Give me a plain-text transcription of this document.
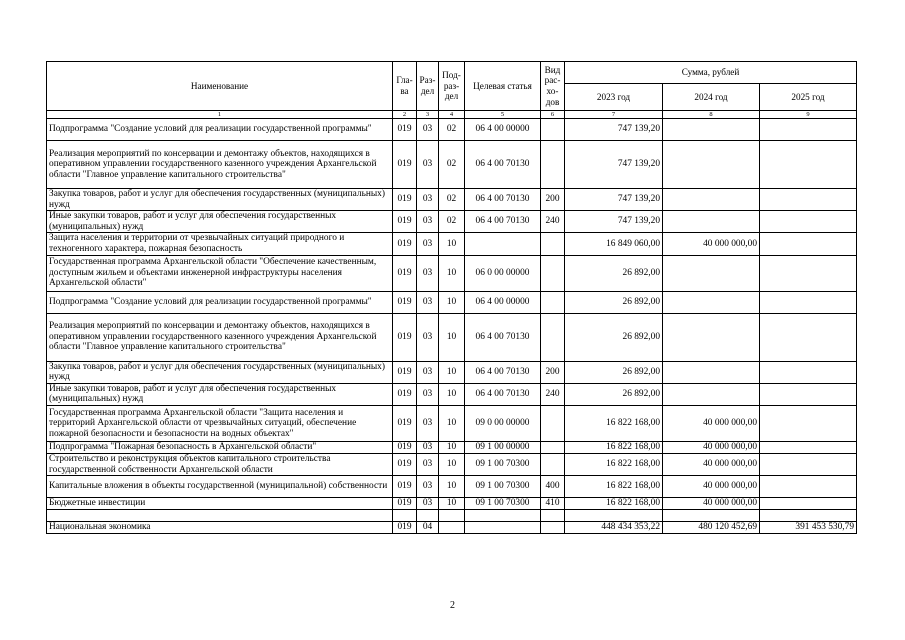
Наименование	Гла-ва	Раз-дел	Под-раз-дел	Целевая статья	Вид рас-хо-дов	Сумма, рублей		
						2023 год	2024 год	2025 год
1	2	3	4	5	6	7	8	9
Подпрограмма "Создание условий для реализации государственной программы"	019	03	02	06 4 00 00000		747 139,20		
Реализация мероприятий по консервации и демонтажу объектов, находящихся в оперативном управлении государственного казенного учреждения Архангельской области "Главное управление капитального строительства"	019	03	02	06 4 00 70130		747 139,20		
Закупка товаров, работ и услуг для обеспечения государственных (муниципальных) нужд	019	03	02	06 4 00 70130	200	747 139,20		
Иные закупки товаров, работ и услуг для обеспечения государственных (муниципальных) нужд	019	03	02	06 4 00 70130	240	747 139,20		
Защита населения и территории от чрезвычайных ситуаций природного и техногенного характера, пожарная безопасность	019	03	10			16 849 060,00	40 000 000,00	
Государственная программа Архангельской области "Обеспечение качественным, доступным жильем и объектами инженерной инфраструктуры населения Архангельской области"	019	03	10	06 0 00 00000		26 892,00		
Подпрограмма "Создание условий для реализации государственной программы"	019	03	10	06 4 00 00000		26 892,00		
Реализация мероприятий по консервации и демонтажу объектов, находящихся в оперативном управлении государственного казенного учреждения Архангельской области "Главное управление капитального строительства"	019	03	10	06 4 00 70130		26 892,00		
Закупка товаров, работ и услуг для обеспечения государственных (муниципальных) нужд	019	03	10	06 4 00 70130	200	26 892,00		
Иные закупки товаров, работ и услуг для обеспечения государственных (муниципальных) нужд	019	03	10	06 4 00 70130	240	26 892,00		
Государственная программа Архангельской области "Защита населения и территорий Архангельской области от чрезвычайных ситуаций, обеспечение пожарной безопасности и безопасности на водных объектах"	019	03	10	09 0 00 00000		16 822 168,00	40 000 000,00	
Подпрограмма "Пожарная безопасность в Архангельской области"	019	03	10	09 1 00 00000		16 822 168,00	40 000 000,00	
Строительство и реконструкция объектов капитального строительства государственной собственности Архангельской области	019	03	10	09 1 00 70300		16 822 168,00	40 000 000,00	
Капитальные вложения в объекты государственной (муниципальной) собственности	019	03	10	09 1 00 70300	400	16 822 168,00	40 000 000,00	
Бюджетные инвестиции	019	03	10	09 1 00 70300	410	16 822 168,00	40 000 000,00	

Национальная экономика	019	04				448 434 353,22	480 120 452,69	391 453 530,79
2
